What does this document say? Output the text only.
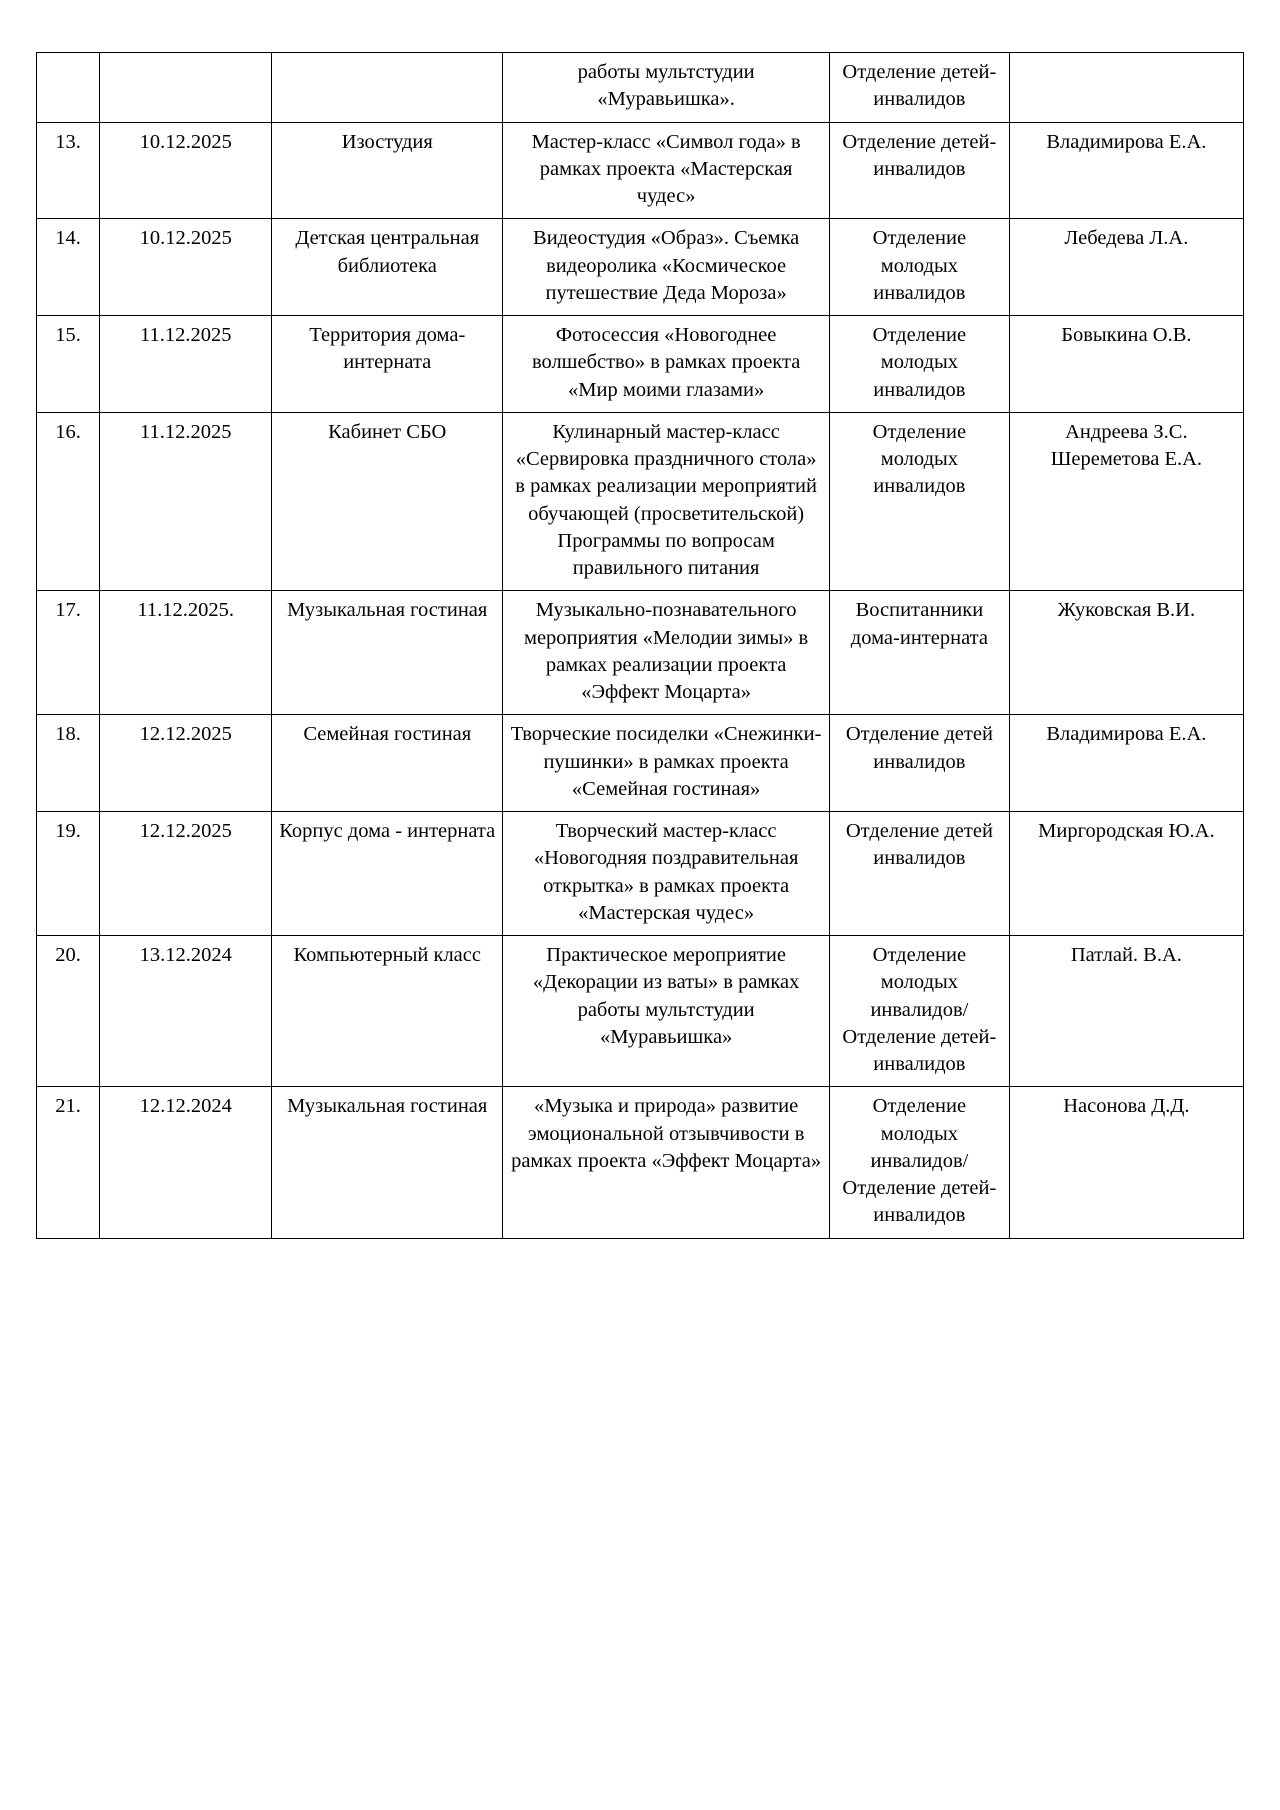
			работы мультстудии «Муравьишка».	Отделение детей-инвалидов	
13.	10.12.2025	Изостудия	Мастер-класс «Символ года» в рамках проекта «Мастерская чудес»	Отделение детей-инвалидов	Владимирова Е.А.
14.	10.12.2025	Детская центральная библиотека	Видеостудия «Образ». Съемка видеоролика «Космическое путешествие Деда Мороза»	Отделение молодых инвалидов	Лебедева Л.А.
15.	11.12.2025	Территория дома-интерната	Фотосессия «Новогоднее волшебство» в рамках проекта «Мир моими глазами»	Отделение молодых инвалидов	Бовыкина О.В.
16.	11.12.2025	Кабинет СБО	Кулинарный мастер-класс «Сервировка праздничного стола» в рамках реализации мероприятий обучающей (просветительской) Программы по вопросам правильного питания	Отделение молодых инвалидов	Андреева З.С. Шереметова Е.А.
17.	11.12.2025.	Музыкальная гостиная	Музыкально-познавательного мероприятия «Мелодии зимы» в рамках реализации проекта «Эффект Моцарта»	Воспитанники дома-интерната	Жуковская В.И.
18.	12.12.2025	Семейная гостиная	Творческие посиделки «Снежинки-пушинки» в рамках проекта «Семейная гостиная»	Отделение детей инвалидов	Владимирова Е.А.
19.	12.12.2025	Корпус дома - интерната	Творческий мастер-класс «Новогодняя поздравительная открытка» в рамках проекта «Мастерская чудес»	Отделение детей инвалидов	Миргородская Ю.А.
20.	13.12.2024	Компьютерный класс	Практическое мероприятие «Декорации из ваты» в рамках работы мультстудии «Муравьишка»	Отделение молодых инвалидов/Отделение детей-инвалидов	Патлай. В.А.
21.	12.12.2024	Музыкальная гостиная	«Музыка и природа» развитие эмоциональной отзывчивости в рамках проекта «Эффект Моцарта»	Отделение молодых инвалидов/Отделение детей-инвалидов	Насонова Д.Д.
